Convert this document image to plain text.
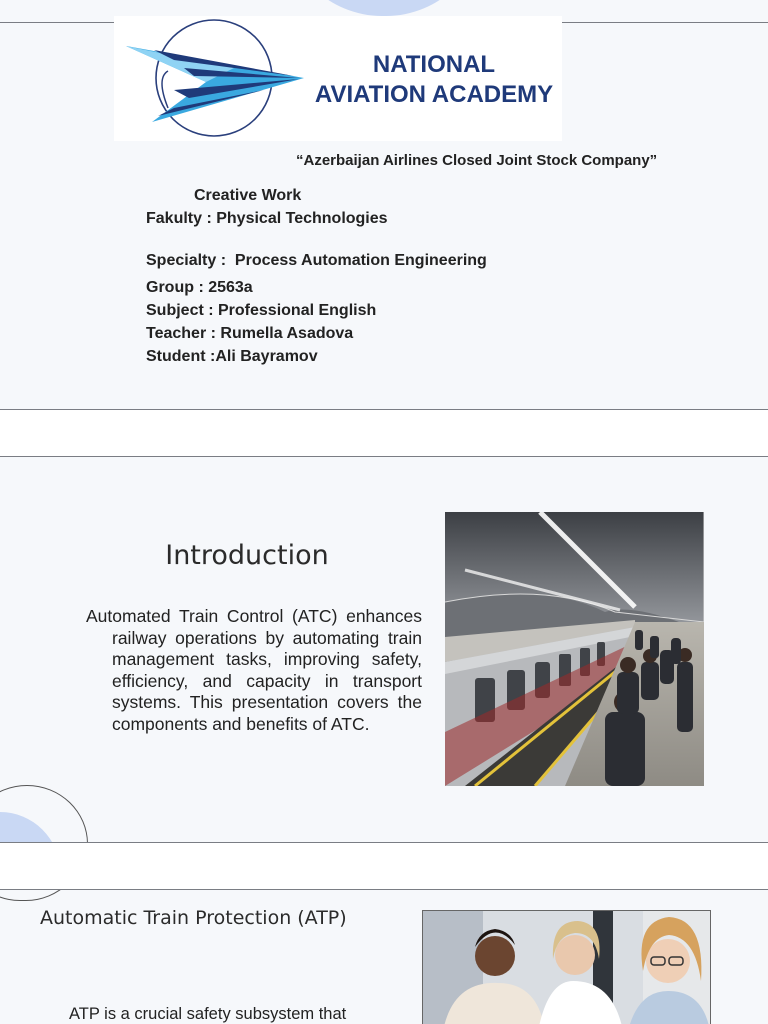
NATIONAL
AVIATION ACADEMY
“Azerbaijan Airlines Closed Joint Stock Company”
Creative Work
Fakulty : Physical Technologies
Specialty :  Process Automation Engineering
Group : 2563a
Subject : Professional English
Teacher : Rumella Asadova
Student :Ali Bayramov
Introduction
Automated Train Control (ATC) enhances railway operations by automating train management tasks, improving safety, efficiency, and capacity in transport systems. This presentation covers the components and benefits of ATC.
Automatic Train Protection (ATP)
ATP is a crucial safety subsystem that
